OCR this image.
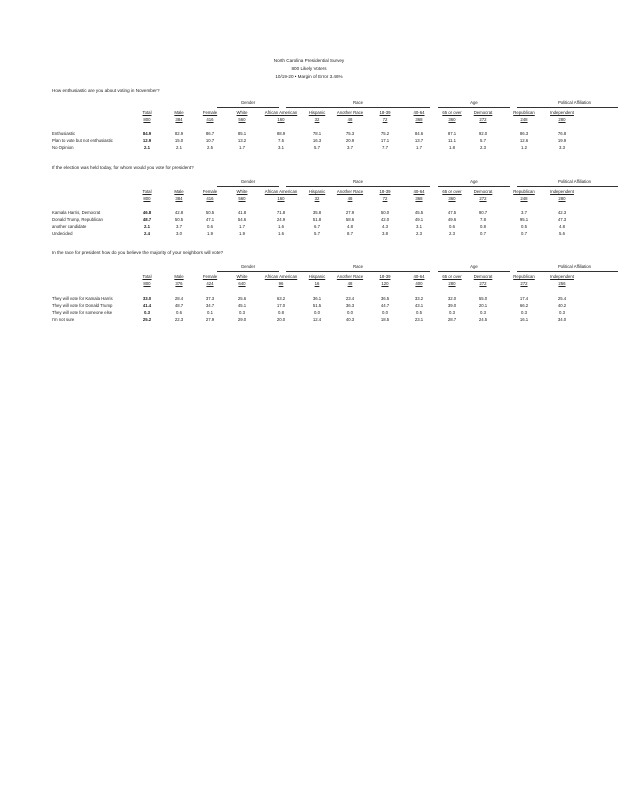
North Carolina Presidential Survey
800 Likely Voters
10/19-20 • Margin of Error 3.46%
How enthusiastic are you about voting in November?
Gender	Race	Age	Political Affiliation
Total	Male	Female	White	African American	Hispanic	Another Race	18-39	40-64	65 or over	Democrat	Republican	Independent
800	384	416	560	160	32	48	72	368	360	272	248	280
Enthusiastic	84.9	82.9	86.7	85.1	88.9	78.1	75.3	75.2	84.6	87.1	92.0	86.3	76.8
Plan to vote but not enthusiastic	12.9	15.0	10.7	13.2	7.5	16.3	20.9	17.1	13.7	11.1	5.7	12.6	19.9
No Opinion	2.1	2.1	2.5	1.7	3.1	5.7	3.7	7.7	1.7	1.8	2.3	1.2	3.3
If the election was held today, for whom would you vote for president?
Gender	Race	Age	Political Affiliation
Total	Male	Female	White	African American	Hispanic	Another Race	18-39	40-64	65 or over	Democrat	Republican	Independent
800	384	416	560	160	32	48	72	368	360	272	248	280
Kamala Harris, Democrat	46.8	42.8	50.5	41.8	71.8	35.8	27.9	50.0	45.5	47.5	90.7	3.7	42.3
Donald Trump, Republican	48.7	50.5	47.1	54.6	24.9	51.8	58.6	42.0	49.1	49.6	7.8	95.1	47.3
another candidate	2.1	3.7	0.6	1.7	1.6	6.7	4.8	4.3	3.1	0.6	0.8	0.5	4.8
Undecided	2.4	3.0	1.9	1.9	1.6	5.7	8.7	3.8	2.3	2.3	0.7	0.7	5.6
In the race for president how do you believe the majority of your neighbors will vote?
Gender	Race	Age	Political Affiliation
Total	Male	Female	White	African American	Hispanic	Another Race	18-39	40-64	65 or over	Democrat	Republican	Independent
800	376	424	640	96	16	48	120	400	280	272	272	256
They will vote for Kamala Harris	33.0	28.4	37.3	25.6	63.2	36.1	23.4	36.5	33.2	32.0	55.0	17.4	25.4
They will vote for Donald Trump	41.4	48.7	34.7	45.1	17.0	51.5	36.3	44.7	43.1	39.0	20.1	66.2	40.2
They will vote for someone else	0.3	0.6	0.1	0.3	0.8	0.0	0.0	0.0	0.5	0.3	0.3	0.3	0.3
I'm not sure	25.2	22.3	27.9	29.0	20.0	12.4	40.3	18.5	23.1	28.7	24.5	16.1	34.0
